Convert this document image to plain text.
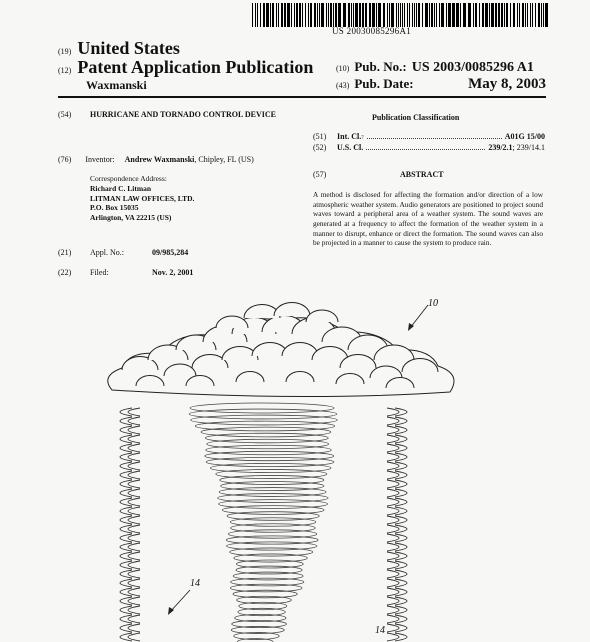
US 20030085296A1
(19) United States
(12) Patent Application Publication
Waxmanski
(10) Pub. No.: US 2003/0085296 A1
(43) Pub. Date:	May 8, 2003
(54) HURRICANE AND TORNADO CONTROL DEVICE
(76) Inventor: Andrew Waxmanski, Chipley, FL (US)
Correspondence Address:
Richard C. Litman
LITMAN LAW OFFICES, LTD.
P.O. Box 15035
Arlington, VA 22215 (US)
(21)	Appl. No.:	09/985,284
(22)	Filed:	Nov. 2, 2001
Publication Classification
(51)	Int. $Cl._7$	A01G 15/00
(52)	U.S. Cl.	239/2.1 ; 239/14.1
(57)	ABSTRACT
A method is disclosed for affecting the formation and/or direction of a low atmospheric weather system. Audio generators are positioned to project sound waves toward a peripheral area of a weather system. The sound waves are generated at a frequency to affect the formation of the weather system in a manner to disrupt, enhance or direct the formation. The sound waves can also be projected in a manner to cause the system to produce rain.
10
14
14
